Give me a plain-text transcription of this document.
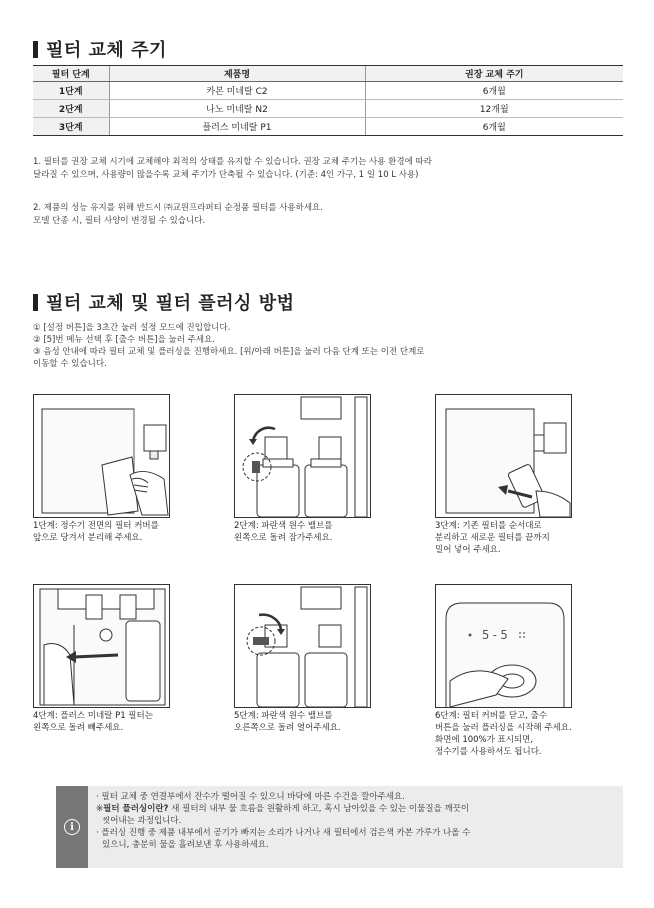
필터 교체 주기
필터 단계	제품명	권장 교체 주기
1단계	카본 미네랄 C2	6개월
2단계	나노 미네랄 N2	12개월
3단계	플러스 미네랄 P1	6개월
1. 필터를 권장 교체 시기에 교체해야 최적의 상태를 유지할 수 있습니다. 권장 교체 주기는 사용 환경에 따라
달라질 수 있으며, 사용량이 많을수록 교체 주기가 단축될 수 있습니다. (기준: 4인 가구, 1 일 10 L 사용)
2. 제품의 성능 유지를 위해 반드시 ㈜교원프라퍼티 순정품 필터를 사용하세요.
모델 단종 시, 필터 사양이 변경될 수 있습니다.
필터 교체 및 필터 플러싱 방법
① [설정 버튼]을 3초간 눌러 설정 모드에 진입합니다.
② [5]번 메뉴 선택 후 [출수 버튼]을 눌러 주세요.
③ 음성 안내에 따라 필터 교체 및 플러싱을 진행하세요. [위/아래 버튼]을 눌러 다음 단계 또는 이전 단계로
이동할 수 있습니다.
1단계: 정수기 전면의 필터 커버를
앞으로 당겨서 분리해 주세요.
2단계: 파란색 원수 밸브를
왼쪽으로 돌려 잠가주세요.
3단계: 기존 필터를 순서대로
분리하고 새로운 필터를 끝까지
밀어 넣어 주세요.
4단계: 플러스 미네랄 P1 필터는
왼쪽으로 돌려 빼주세요.
5단계: 파란색 원수 밸브를
오른쪽으로 돌려 열어주세요.
5-5
6단계: 필터 커버를 닫고, 출수
버튼을 눌러 플러싱을 시작해 주세요.
화면에 100%가 표시되면,
정수기를 사용하셔도 됩니다.
i

· 필터 교체 중 연결부에서 잔수가 떨어질 수 있으니 바닥에 마른 수건을 깔아주세요.

※필터 플러싱이란? 새 필터의 내부 물 흐름을 원활하게 하고, 혹시 남아있을 수 있는 이물질을 깨끗이

씻어내는 과정입니다.

· 플러싱 진행 중 제품 내부에서 공기가 빠지는 소리가 나거나 새 필터에서 검은색 카본 가루가 나올 수

있으니, 충분히 물을 흘려보낸 후 사용하세요.
